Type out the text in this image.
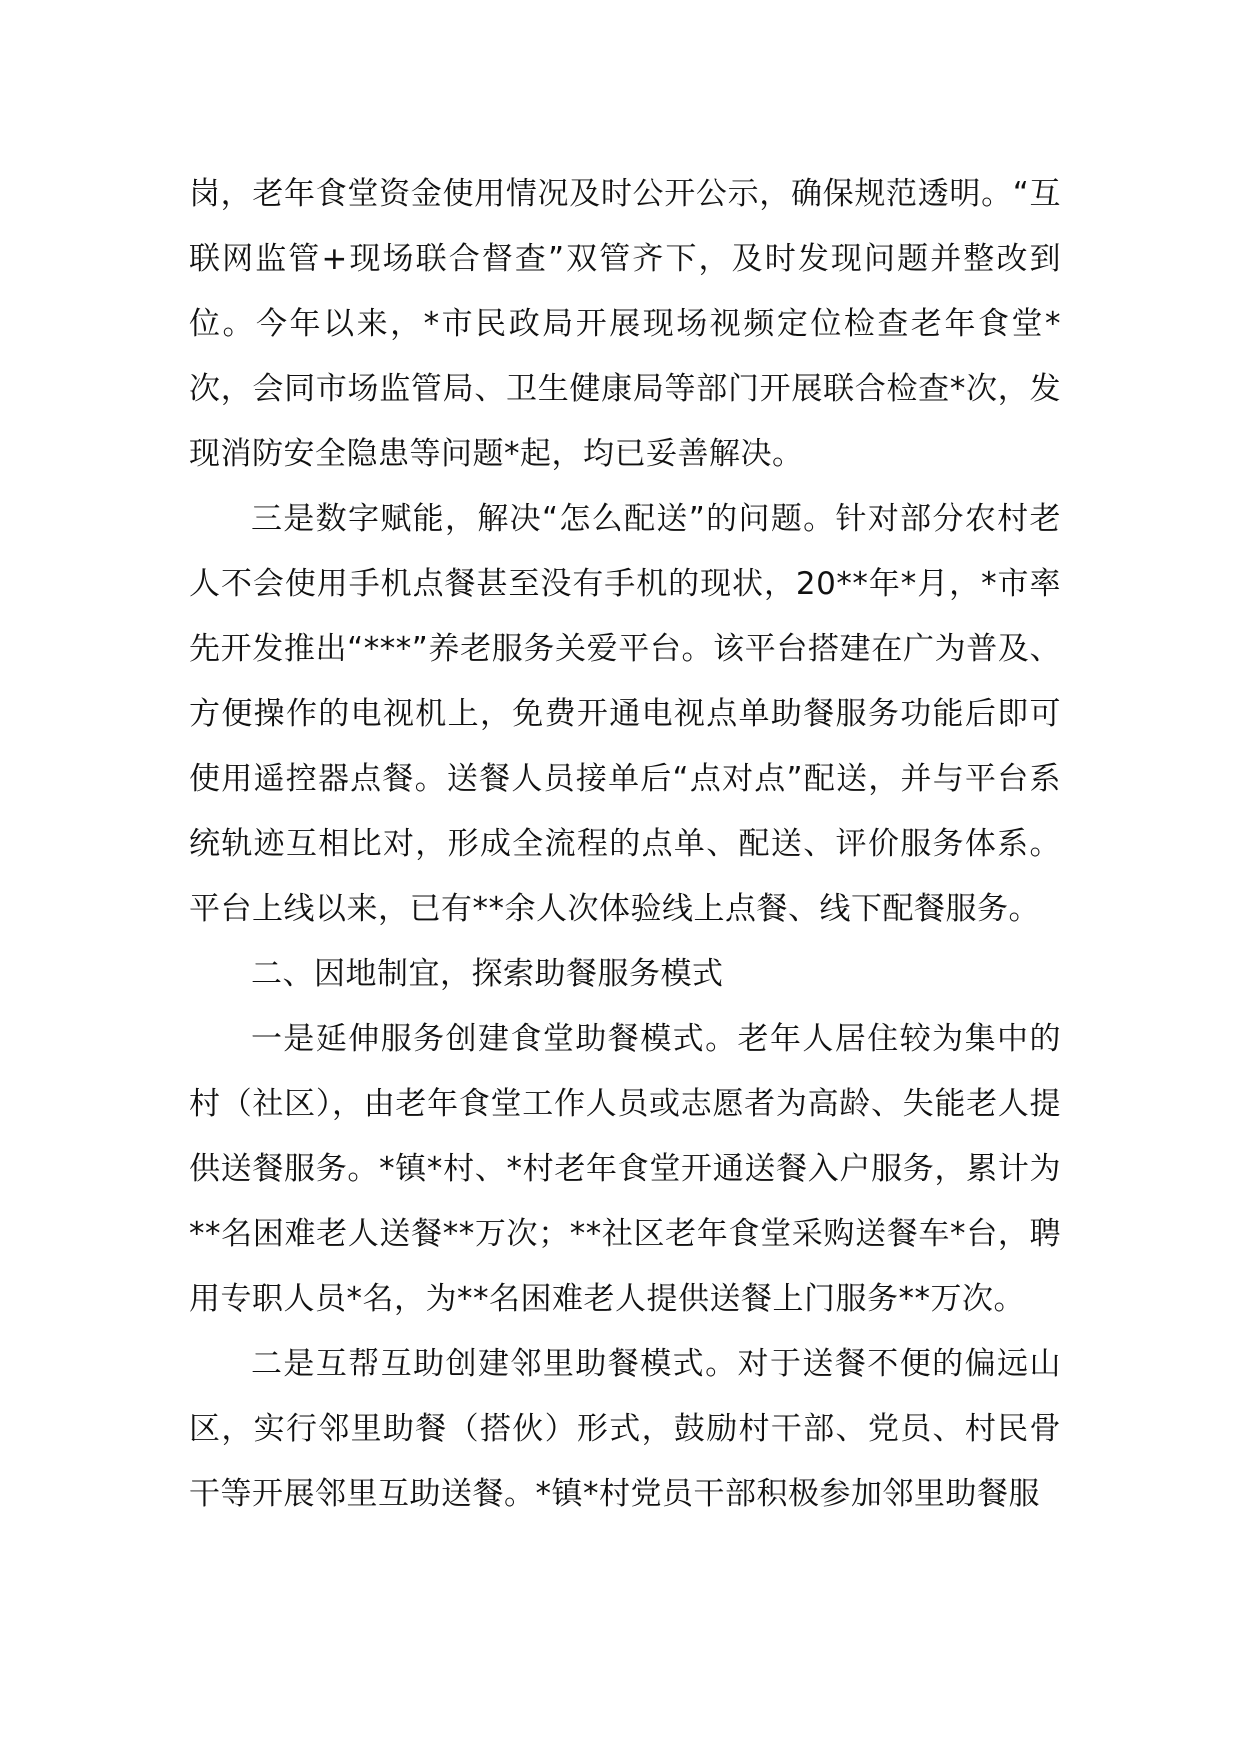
岗，老年食堂资金使用情况及时公开公示，确保规范透明。“互联网监管+现场联合督查”双管齐下，及时发现问题并整改到位。今年以来，*市民政局开展现场视频定位检查老年食堂*次，会同市场监管局、卫生健康局等部门开展联合检查*次，发现消防安全隐患等问题*起，均已妥善解决。

三是数字赋能，解决“怎么配送”的问题。针对部分农村老人不会使用手机点餐甚至没有手机的现状，20**年*月，*市率先开发推出“***”养老服务关爱平台。该平台搭建在广为普及、方便操作的电视机上，免费开通电视点单助餐服务功能后即可使用遥控器点餐。送餐人员接单后“点对点”配送，并与平台系统轨迹互相比对，形成全流程的点单、配送、评价服务体系。平台上线以来，已有**余人次体验线上点餐、线下配餐服务。

二、因地制宜，探索助餐服务模式

一是延伸服务创建食堂助餐模式。老年人居住较为集中的村（社区），由老年食堂工作人员或志愿者为高龄、失能老人提供送餐服务。*镇*村、*村老年食堂开通送餐入户服务，累计为**名困难老人送餐**万次；**社区老年食堂采购送餐车*台，聘用专职人员*名，为**名困难老人提供送餐上门服务**万次。

二是互帮互助创建邻里助餐模式。对于送餐不便的偏远山区，实行邻里助餐（搭伙）形式，鼓励村干部、党员、村民骨干等开展邻里互助送餐。*镇*村党员干部积极参加邻里助餐服
